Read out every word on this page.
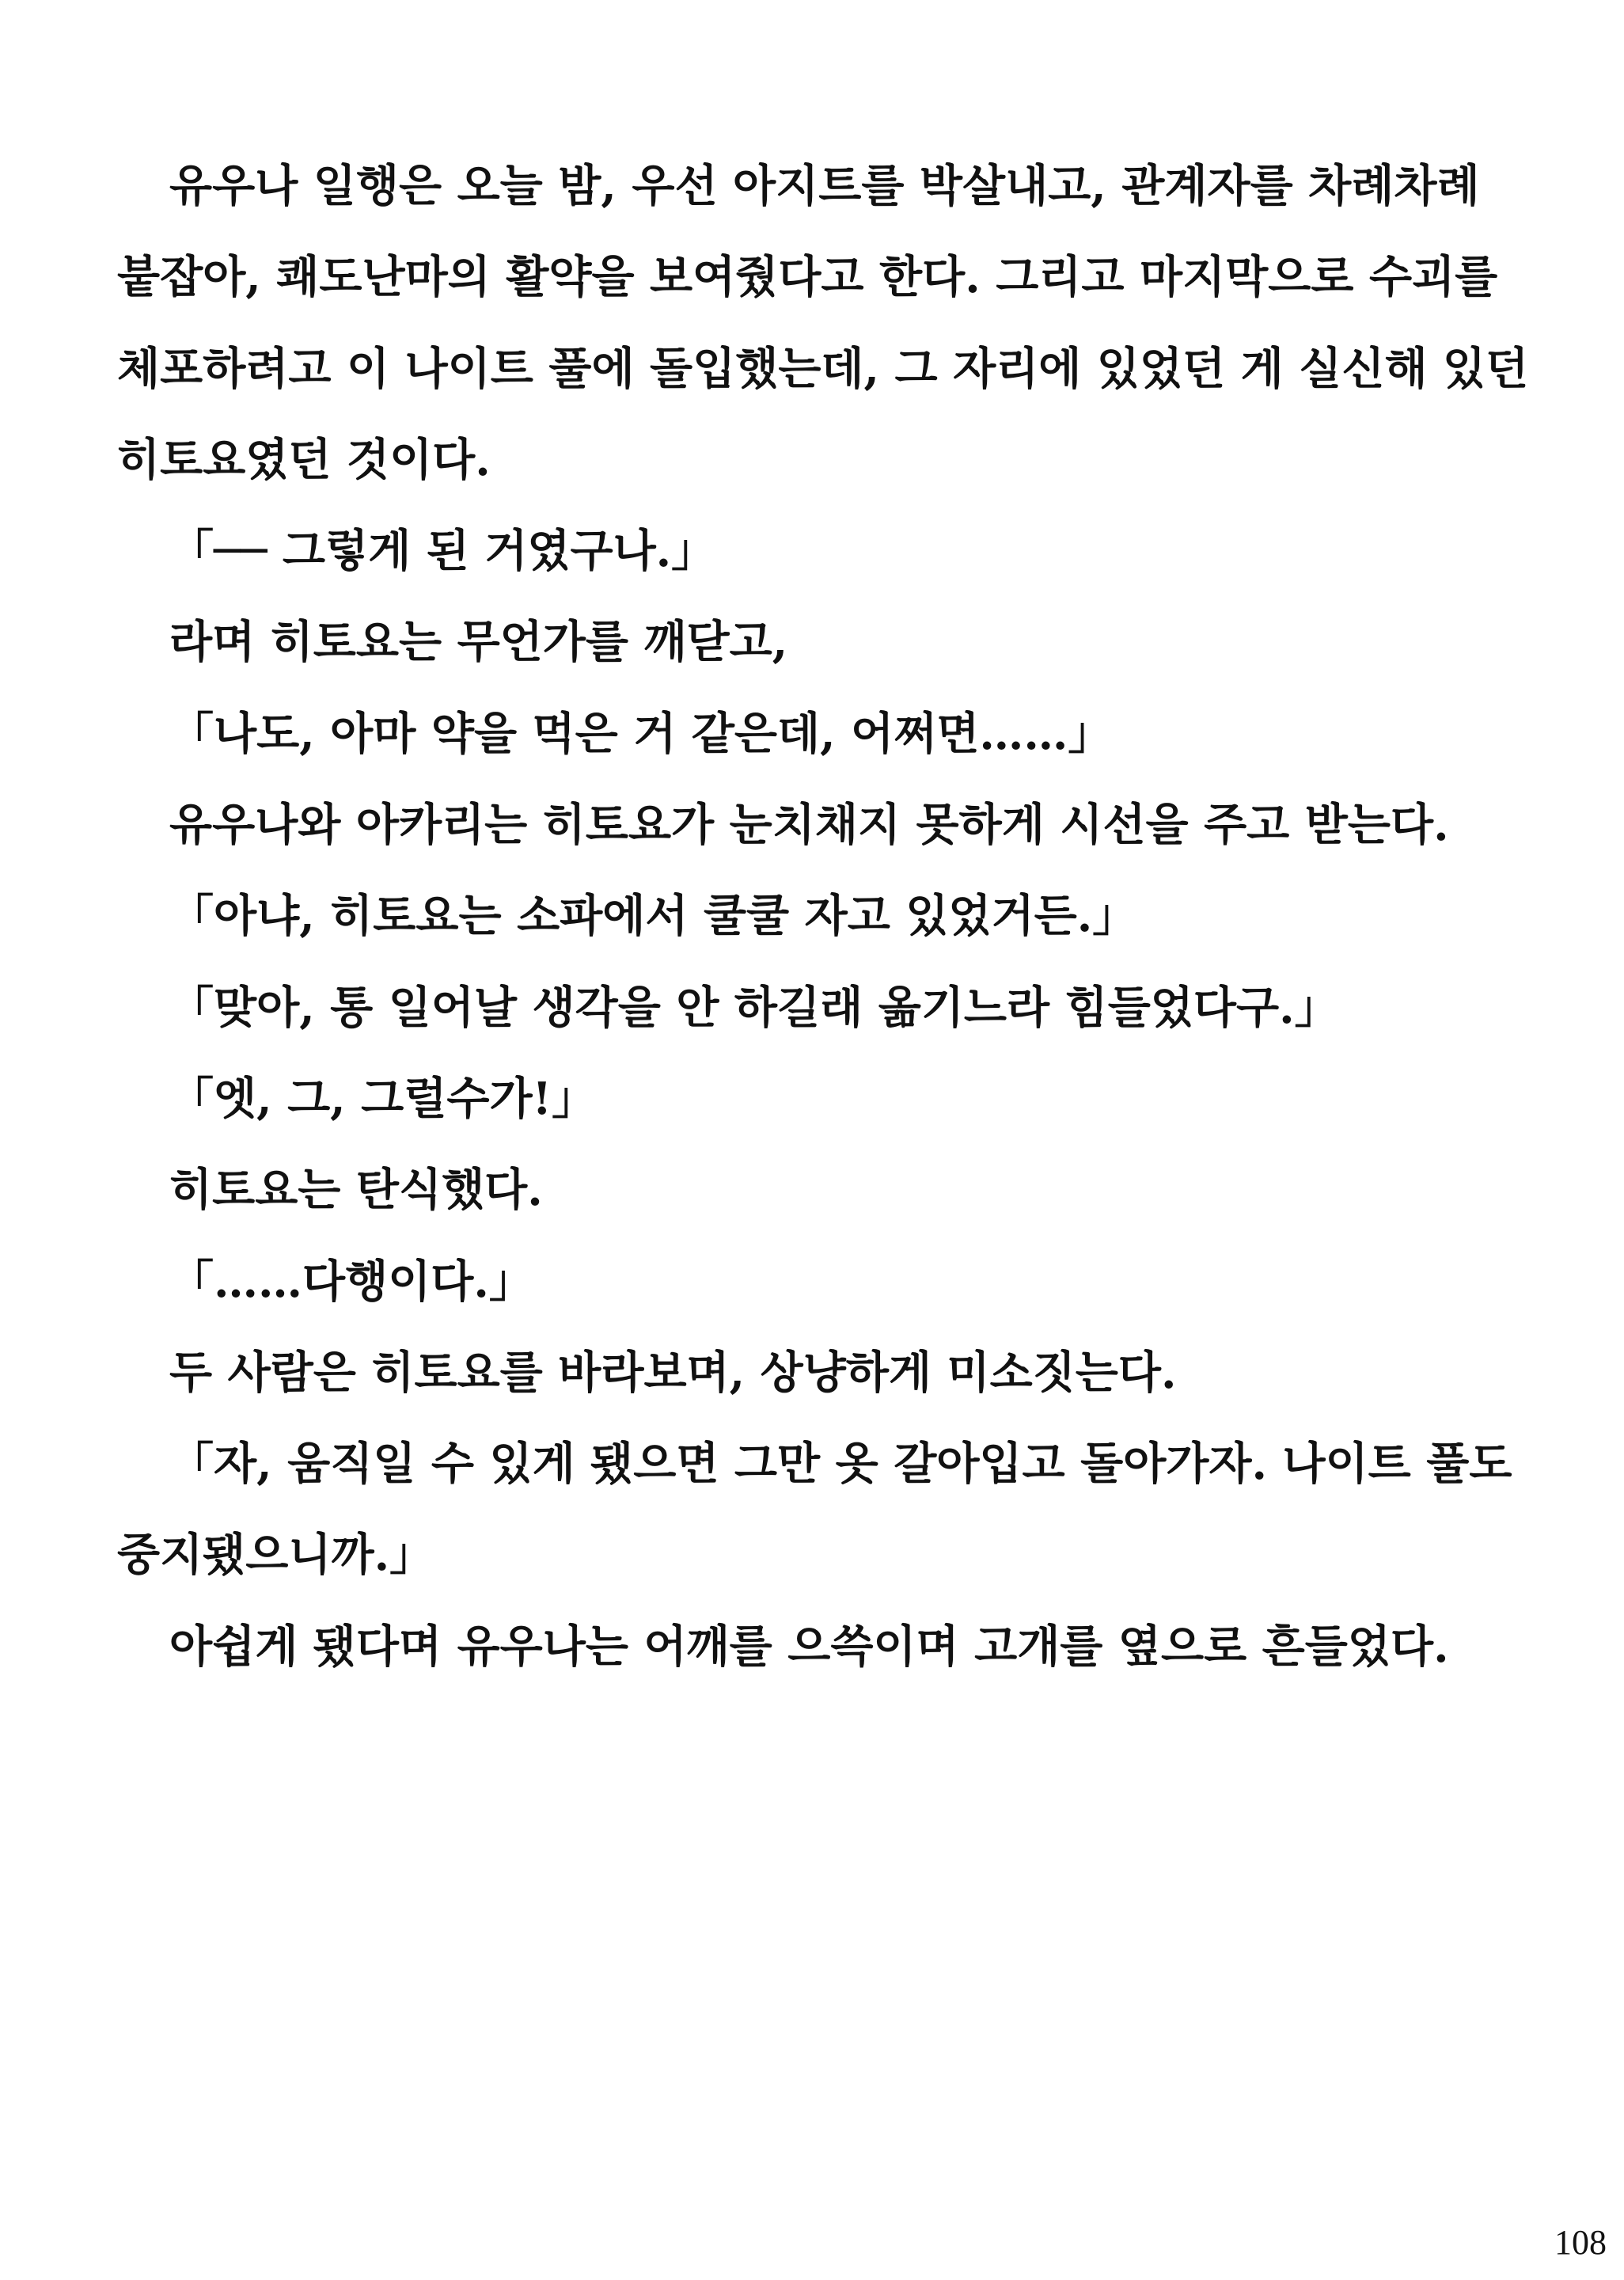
유우나 일행은 오늘 밤, 우선 아지트를 박살내고, 관계자를 차례차례
붙잡아, 쾌도난마의 활약을 보여줬다고 한다. 그리고 마지막으로 수괴를
체포하려고 이 나이트 풀에 돌입했는데, 그 자리에 있었던 게 실신해 있던
히토요였던 것이다.
「── 그렇게 된 거였구나.」
라며 히토요는 무언가를 깨닫고,
「나도, 아마 약을 먹은 거 같은데, 어쩌면……」
유우나와 아카리는 히토요가 눈치채지 못하게 시선을 주고 받는다.
「아냐, 히토요는 소파에서 쿨쿨 자고 있었거든.」
「맞아, 통 일어날 생각을 안 하길래 옮기느라 힘들었다구.」
「엣, 그, 그럴수가!」
히토요는 탄식했다.
「……다행이다.」
두 사람은 히토요를 바라보며, 상냥하게 미소짓는다.
「자, 움직일 수 있게 됐으면 그만 옷 갈아입고 돌아가자. 나이트 풀도
중지됐으니까.」
아쉽게 됐다며 유우나는 어깨를 으쓱이며 고개를 옆으로 흔들었다.
108
